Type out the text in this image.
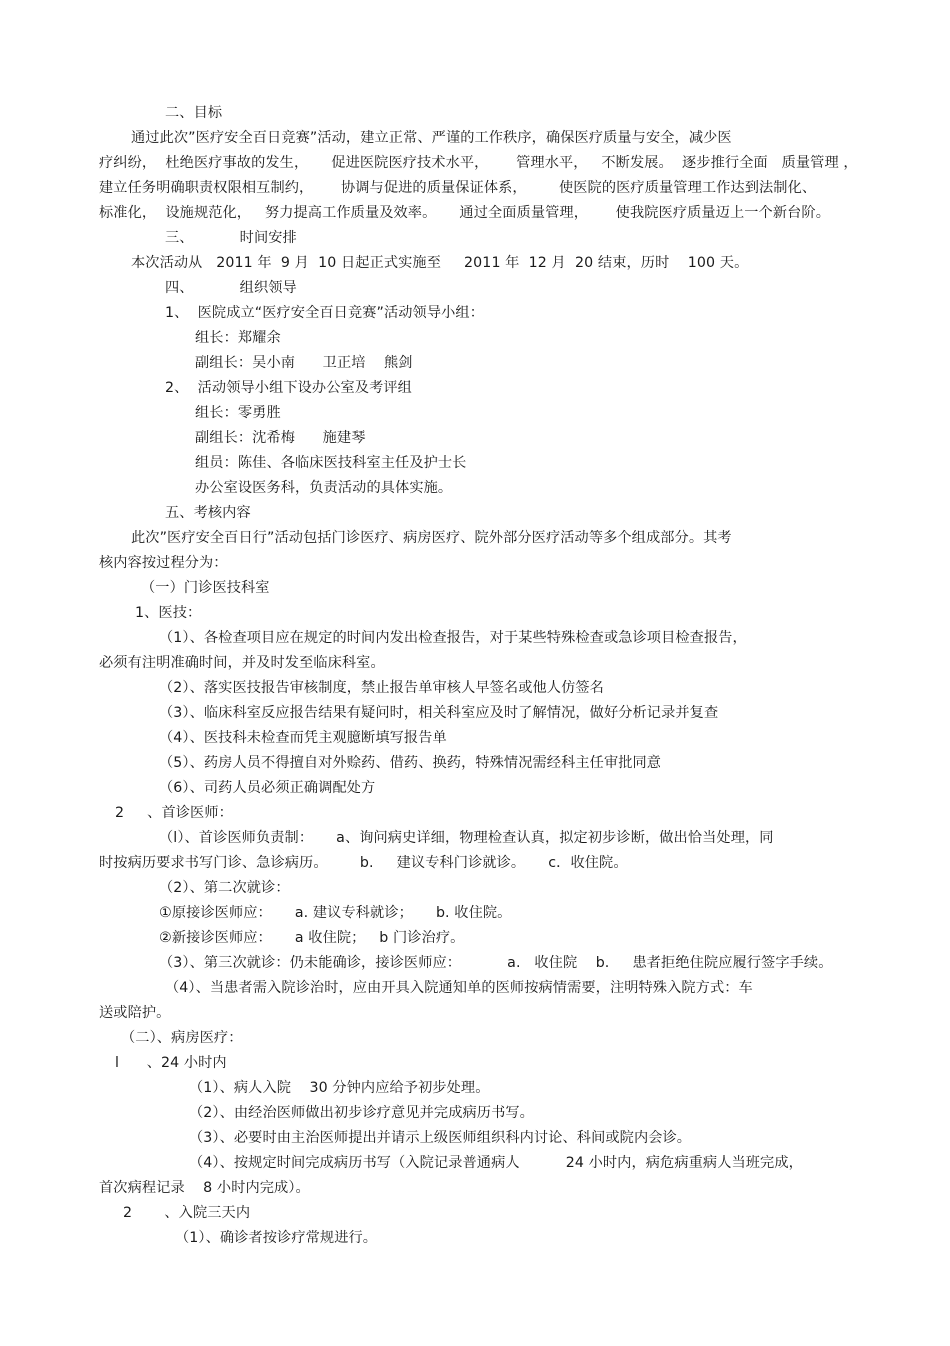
二、目标
通过此次”医疗安全百日竞赛”活动，建立正常、严谨的工作秩序，确保医疗质量与安全，减少医
疗纠纷，  杜绝医疗事故的发生，     促进医院医疗技术水平，      管理水平，   不断发展。  逐步推行全面   质量管理 ，
建立任务明确职责权限相互制约，      协调与促进的质量保证体系，       使医院的医疗质量管理工作达到法制化、
标准化，  设施规范化，   努力提高工作质量及效率。     通过全面质量管理，      使我院医疗质量迈上一个新台阶。
三、          时间安排
本次活动从   2011 年  9 月  10 日起正式实施至     2011 年  12 月  20 结束，历时    100 天。
四、          组织领导
1、  医院成立“医疗安全百日竞赛”活动领导小组：
组长：郑耀余
副组长：吴小南      卫正培    熊剑
2、  活动领导小组下设办公室及考评组
组长：零勇胜
副组长：沈希梅      施建琴
组员：陈佳、各临床医技科室主任及护士长
办公室设医务科，负责活动的具体实施。
五、考核内容
此次”医疗安全百日行”活动包括门诊医疗、病房医疗、院外部分医疗活动等多个组成部分。其考
核内容按过程分为：
（一）门诊医技科室
1、医技：
（1）、各检查项目应在规定的时间内发出检查报告，对于某些特殊检查或急诊项目检查报告，
必须有注明准确时间，并及时发至临床科室。
（2）、落实医技报告审核制度，禁止报告单审核人早签名或他人仿签名
（3）、临床科室反应报告结果有疑问时，相关科室应及时了解情况，做好分析记录并复查
（4）、医技科未检查而凭主观臆断填写报告单
（5）、药房人员不得擅自对外赊药、借药、换药，特殊情况需经科主任审批同意
（6）、司药人员必须正确调配处方
2     、首诊医师：
（l）、首诊医师负责制：     a、询问病史详细，物理检查认真，拟定初步诊断，做出恰当处理，同
时按病历要求书写门诊、急诊病历。       b.     建议专科门诊就诊。     c．收住院。
（2）、第二次就诊：
①原接诊医师应：     a. 建议专科就诊；     b. 收住院。
②新接诊医师应：     a 收住院；   b 门诊治疗。
（3）、第三次就诊：仍未能确诊，接诊医师应：          a.   收住院    b.     患者拒绝住院应履行签字手续。
（4）、当患者需入院诊治时，应由开具入院通知单的医师按病情需要，注明特殊入院方式：车
送或陪护。
（二）、病房医疗：
l      、24 小时内
（1）、病人入院    30 分钟内应给予初步处理。
（2）、由经治医师做出初步诊疗意见并完成病历书写。
（3）、必要时由主治医师提出并请示上级医师组织科内讨论、科间或院内会诊。
（4）、按规定时间完成病历书写（入院记录普通病人          24 小时内，病危病重病人当班完成，
首次病程记录    8 小时内完成）。
2       、入院三天内
（1）、确诊者按诊疗常规进行。
